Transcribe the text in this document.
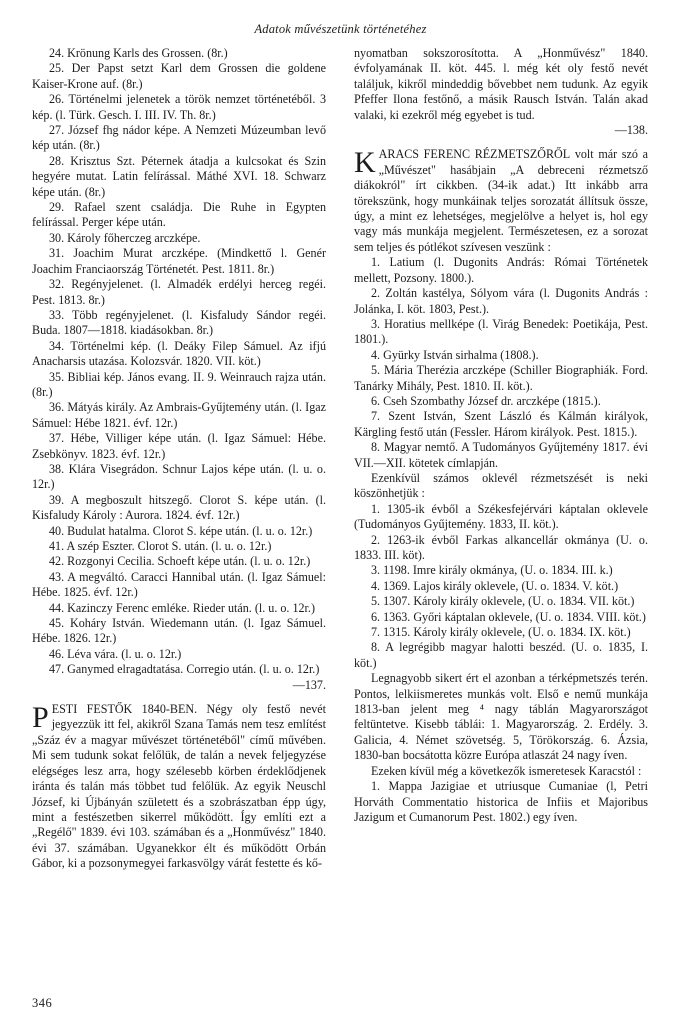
Adatok művészetünk történetéhez

24. Krönung Karls des Grossen. (8r.)

25. Der Papst setzt Karl dem Grossen die goldene Kaiser-Krone auf. (8r.)

26. Történelmi jelenetek a török nemzet történetéből. 3 kép. (l. Türk. Gesch. I. III. IV. Th. 8r.)

27. József fhg nádor képe. A Nemzeti Múzeumban levő kép után. (8r.)

28. Krisztus Szt. Péternek átadja a kulcsokat és Szin hegyére mutat. Latin felírással. Máthé XVI. 18. Schwarz képe után. (8r.)

29. Rafael szent családja. Die Ruhe in Egypten felírással. Perger képe után.

30. Károly főherczeg arczképe.

31. Joachim Murat arczképe. (Mindkettő l. Genér Joachim Franciaország Történetét. Pest. 1811. 8r.)

32. Regényjelenet. (l. Almadék erdélyi herceg regéi. Pest. 1813. 8r.)

33. Több regényjelenet. (l. Kisfaludy Sándor regéi. Buda. 1807—1818. kiadásokban. 8r.)

34. Történelmi kép. (l. Deáky Filep Sámuel. Az ifjú Anacharsis utazása. Kolozsvár. 1820. VII. köt.)

35. Bibliai kép. János evang. II. 9. Weinrauch rajza után. (8r.)

36. Mátyás király. Az Ambrais-Gyűjtemény után. (l. Igaz Sámuel: Hébe 1821. évf. 12r.)

37. Hébe, Villiger képe után. (l. Igaz Sámuel: Hébe. Zsebkönyv. 1823. évf. 12r.)

38. Klára Visegrádon. Schnur Lajos képe után. (l. u. o. 12r.)

39. A megboszult hitszegő. Clorot S. képe után. (l. Kisfaludy Károly : Aurora. 1824. évf. 12r.)

40. Budulat hatalma. Clorot S. képe után. (l. u. o. 12r.)

41. A szép Eszter. Clorot S. után. (l. u. o. 12r.)

42. Rozgonyi Cecilia. Schoeft képe után. (l. u. o. 12r.)

43. A megváltó. Caracci Hannibal után. (l. Igaz Sámuel: Hébe. 1825. évf. 12r.)

44. Kazinczy Ferenc emléke. Rieder után. (l. u. o. 12r.)

45. Koháry István. Wiedemann után. (l. Igaz Sámuel. Hébe. 1826. 12r.)

46. Léva vára. (l. u. o. 12r.)

47. Ganymed elragadtatása. Corregio után. (l. u. o. 12r.)

—137.

P ESTI FESTŐK 1840-BEN. Négy oly festő nevét jegyezzük itt fel, akikről Szana Tamás nem tesz említést „Száz év a magyar művészet történetéből" című művében. Mi sem tudunk sokat felőlük, de talán a nevek feljegyzése elégséges lesz arra, hogy szélesebb körben érdeklődjenek iránta és talán más többet tud felőlük. Az egyik Neuschl József, ki Újbányán született és a szobrászatban épp úgy, mint a festészetben sikerrel működött. Így említi ezt a „Regélő" 1839. évi 103. számában és a „Honművész" 1840. évi 37. számában. Ugyanekkor élt és működött Orbán Gábor, ki a pozsonymegyei farkasvölgy várát festette és kő-

nyomatban sokszorosította. A „Honművész" 1840. évfolyamának II. köt. 445. l. még két oly festő nevét találjuk, kikről mindeddig bővebbet nem tudunk. Az egyik Pfeffer Ilona festőnő, a másik Rausch István. Talán akad valaki, ki ezekről még egyebet is tud.

—138.

K ARACS FERENC RÉZMETSZŐRŐL volt már szó a „Művészet" hasábjain „A debreceni rézmetsző diákokról" írt cikkben. (34-ik adat.) Itt inkább arra törekszünk, hogy munkáinak teljes sorozatát állítsuk össze, úgy, a mint ez lehetséges, megjelölve a helyet is, hol egy vagy más munkája megjelent. Természetesen, ez a sorozat sem teljes és pótlékot szívesen veszünk :

1. Latium (l. Dugonits András: Római Történetek mellett, Pozsony. 1800.).

2. Zoltán kastélya, Sólyom vára (l. Dugonits András : Jolánka, I. köt. 1803, Pest.).

3. Horatius mellképe (l. Virág Benedek: Poetikája, Pest. 1801.).

4. Gyürky István sirhalma (1808.).

5. Mária Therézia arczképe (Schiller Biographiák. Ford. Tanárky Mihály, Pest. 1810. II. köt.).

6. Cseh Szombathy József dr. arczképe (1815.).

7. Szent István, Szent László és Kálmán királyok, Kärgling festő után (Fessler. Három királyok. Pest. 1815.).

8. Magyar nemtő. A Tudományos Gyűjtemény 1817. évi VII.—XII. kötetek címlapján.

Ezenkívül számos oklevél rézmetszését is neki köszönhetjük :

1. 1305-ik évből a Székesfejérvári káptalan oklevele (Tudományos Gyűjtemény. 1833, II. köt.).

2. 1263-ik évből Farkas alkancellár okmánya (U. o. 1833. III. köt).

3. 1198. Imre király okmánya, (U. o. 1834. III. k.)

4. 1369. Lajos király oklevele, (U. o. 1834. V. köt.)

5. 1307. Károly király oklevele, (U. o. 1834. VII. köt.)

6. 1363. Győri káptalan oklevele, (U. o. 1834. VIII. köt.)

7. 1315. Károly király oklevele, (U. o. 1834. IX. köt.)

8. A legrégibb magyar halotti beszéd. (U. o. 1835, I. köt.)

Legnagyobb sikert ért el azonban a térképmetszés terén. Pontos, lelkiismeretes munkás volt. Első e nemű munkája 1813-ban jelent meg ⁴ nagy táblán Magyarországot feltüntetve. Kisebb táblái: 1. Magyarország. 2. Erdély. 3. Galicia, 4. Német szövetség. 5, Törökország. 6. Ázsia, 1830-ban bocsátotta közre Európa atlaszát 24 nagy íven.

Ezeken kívül még a következők ismeretesek Karacstól :

1. Mappa Jazigiae et utriusque Cumaniae (l, Petri Horváth Commentatio historica de Infiis et Majoribus Jazigum et Cumanorum Pest. 1802.) egy íven.

346
